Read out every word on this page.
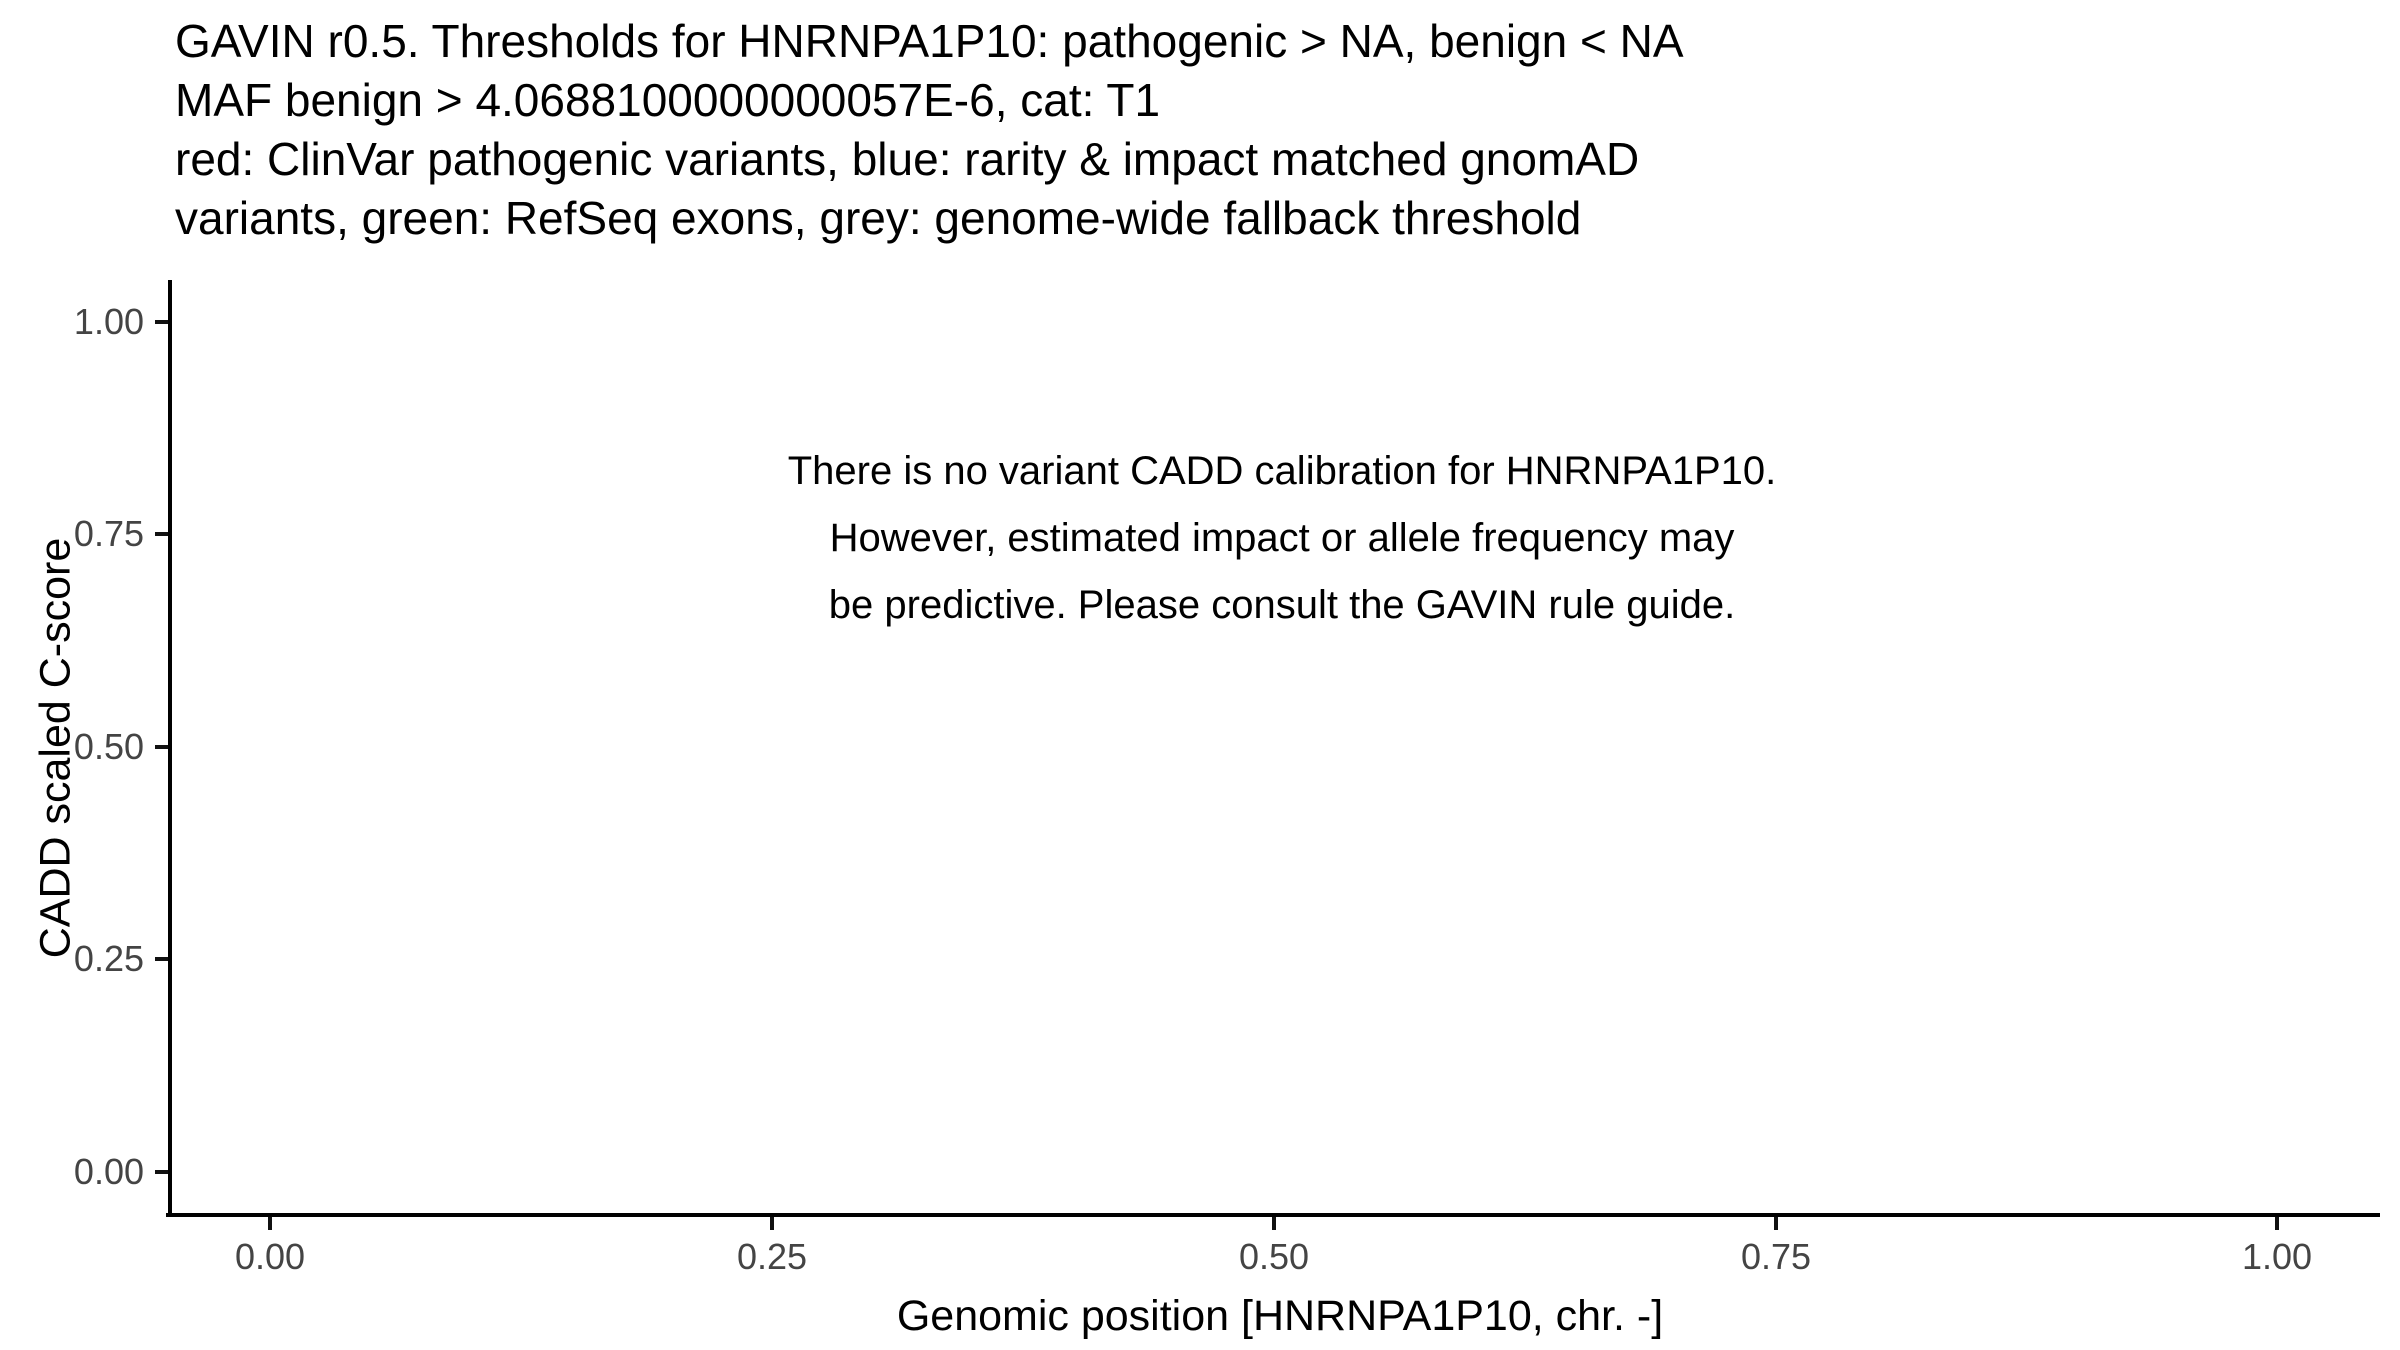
GAVIN r0.5. Thresholds for HNRNPA1P10: pathogenic > NA, benign < NA
MAF benign > 4.0688100000000057E-6, cat: T1
red: ClinVar pathogenic variants, blue: rarity & impact matched gnomAD
variants, green: RefSeq exons, grey: genome-wide fallback threshold
There is no variant CADD calibration for HNRNPA1P10.
However, estimated impact or allele frequency may
be predictive. Please consult the GAVIN rule guide.
1.00
0.75
0.50
0.25
0.00
0.00	0.25	0.50	0.75	1.00
CADD scaled C-score
Genomic position [HNRNPA1P10, chr. -]
